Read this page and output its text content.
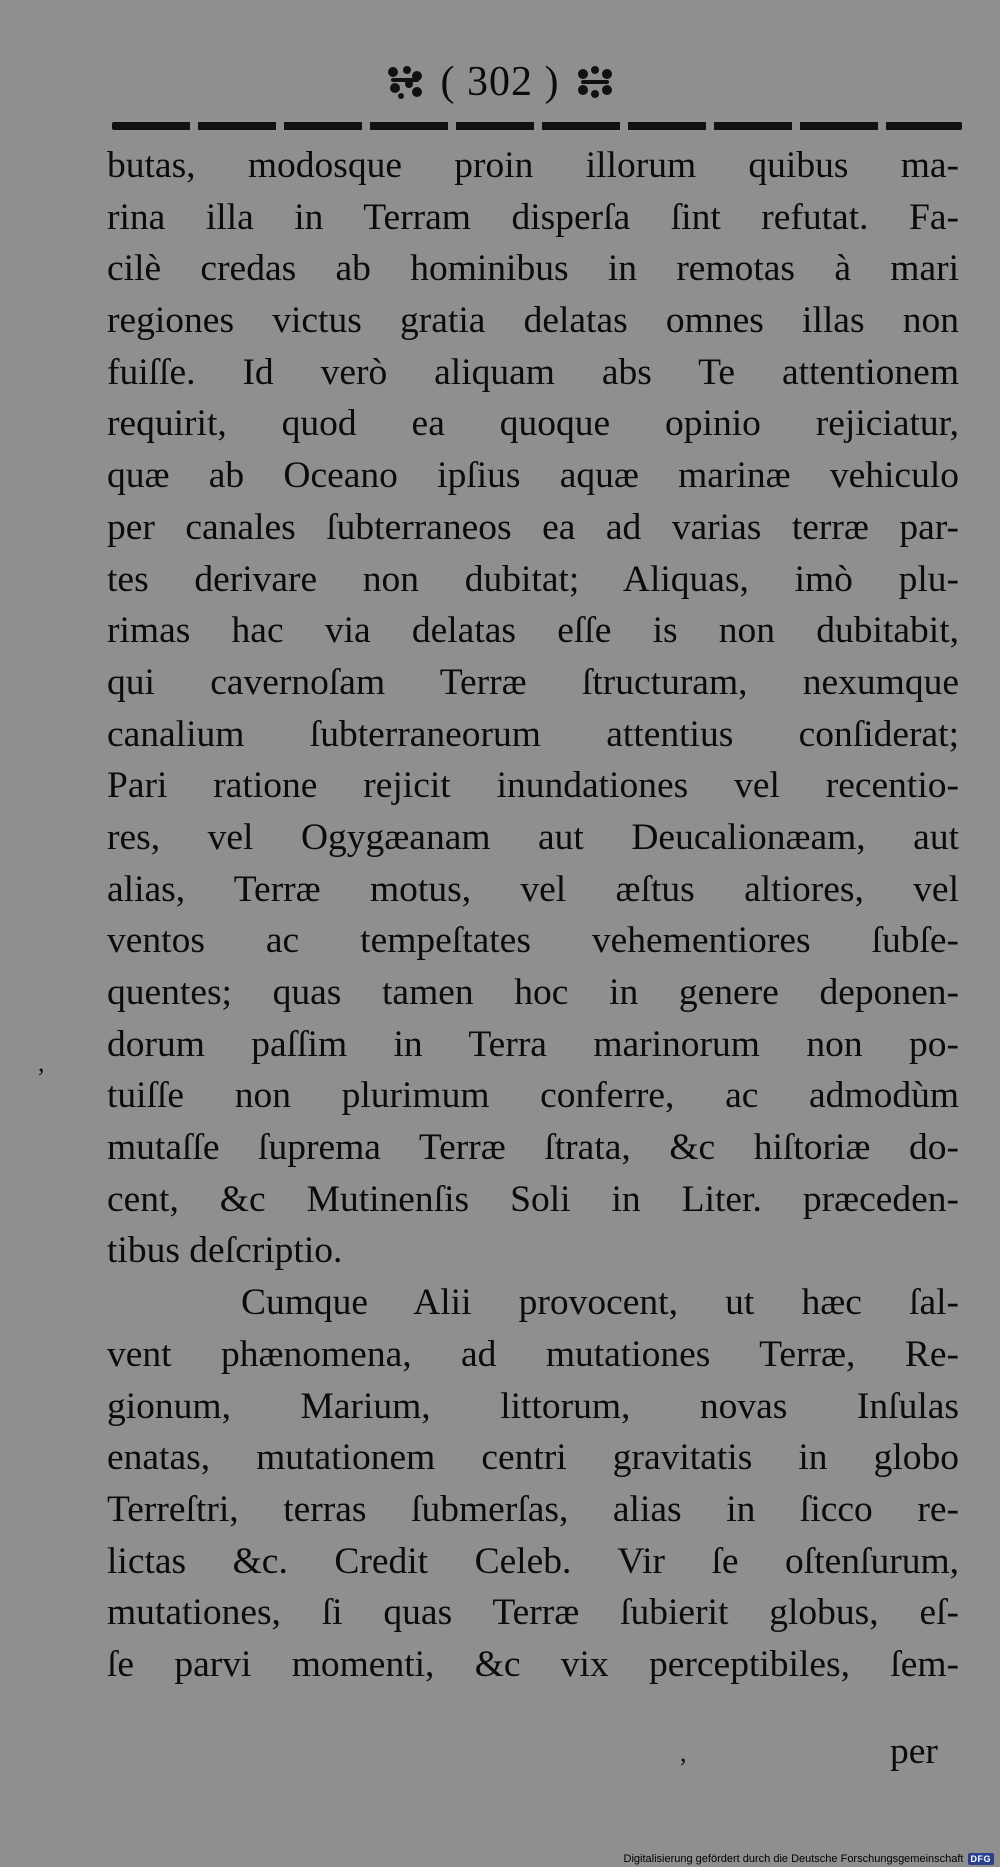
( 302 )
butas, modosque proin illorum quibus ma-
rina illa in Terram disperſa ſint refutat. Fa-
cilè credas ab hominibus in remotas à mari
regiones victus gratia delatas omnes illas non
fuiſſe. Id verò aliquam abs Te attentionem
requirit, quod ea quoque opinio rejiciatur,
quæ ab Oceano ipſius aquæ marinæ vehiculo
per canales ſubterraneos ea ad varias terræ par-
tes derivare non dubitat; Aliquas, imò plu-
rimas hac via delatas eſſe is non dubitabit,
qui cavernoſam Terræ ſtructuram, nexumque
canalium ſubterraneorum attentius conſiderat;
Pari ratione rejicit inundationes vel recentio-
res, vel Ogygæanam aut Deucalionæam, aut
alias, Terræ motus, vel æſtus altiores, vel
ventos ac tempeſtates vehementiores ſubſe-
quentes; quas tamen hoc in genere deponen-
dorum paſſim in Terra marinorum non po-
tuiſſe non plurimum conferre, ac admodùm
mutaſſe ſuprema Terræ ſtrata, &c hiſtoriæ do-
cent, &c Mutinenſis Soli in Liter. præceden-
tibus deſcriptio.
Cumque Alii provocent, ut hæc ſal-
vent phænomena, ad mutationes Terræ, Re-
gionum, Marium, littorum, novas Inſulas
enatas, mutationem centri gravitatis in globo
Terreſtri, terras ſubmerſas, alias in ſicco re-
lictas &c. Credit Celeb. Vir ſe oſtenſurum,
mutationes, ſi quas Terræ ſubierit globus, eſ-
ſe parvi momenti, &c vix perceptibiles, ſem-
,
,	per
Digitalisierung gefördert durch die Deutsche Forschungsgemeinschaft DFG
